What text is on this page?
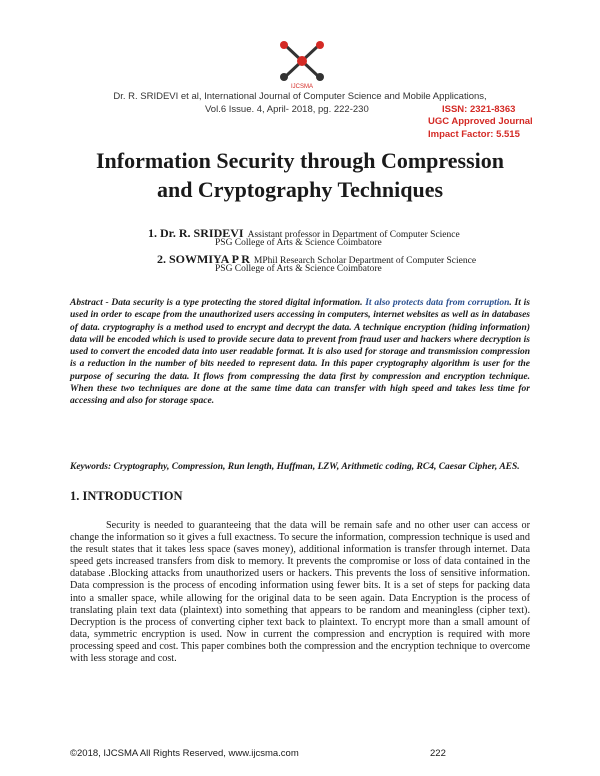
IJCSMA
Dr. R. SRIDEVI et al, International Journal of Computer Science and Mobile Applications,
Vol.6 Issue. 4, April- 2018, pg. 222-230	ISSN: 2321-8363
UGC Approved Journal
Impact Factor: 5.515
Information Security through Compression
and Cryptography Techniques
1. Dr. R. SRIDEVI Assistant professor in Department of Computer Science
PSG College of Arts & Science Coimbatore
2. SOWMIYA P R MPhil Research Scholar Department of Computer Science
PSG College of Arts & Science Coimbatore
Abstract - Data security is a type protecting the stored digital information. It also protects data from corruption. It is used in order to escape from the unauthorized users accessing in computers, internet websites as well as in databases of data. cryptography is a method used to encrypt and decrypt the data. A technique encryption (hiding information) data will be encoded which is used to provide secure data to prevent from fraud user and hackers where decryption is used to convert the encoded data into user readable format. It is also used for storage and transmission compression is a reduction in the number of bits needed to represent data. In this paper cryptography algorithm is user for the purpose of securing the data. It flows from compressing the data first by compression and encryption technique. When these two techniques are done at the same time data can transfer with high speed and takes less time for accessing and also for storage space.
Keywords: Cryptography, Compression, Run length, Huffman, LZW, Arithmetic coding, RC4, Caesar Cipher, AES.
1. INTRODUCTION
Security is needed to guaranteeing that the data will be remain safe and no other user can access or change the information so it gives a full exactness. To secure the information, compression technique is used and the result states that it takes less space (saves money), additional information is transfer through internet. Data speed gets increased transfers from disk to memory. It prevents the compromise or loss of data contained in the database .Blocking attacks from unauthorized users or hackers. This prevents the loss of sensitive information. Data compression is the process of encoding information using fewer bits. It is a set of steps for packing data into a smaller space, while allowing for the original data to be seen again. Data Encryption is the process of translating plain text data (plaintext) into something that appears to be random and meaningless (cipher text). Decryption is the process of converting cipher text back to plaintext. To encrypt more than a small amount of data, symmetric encryption is used. Now in current the compression and encryption is required with more processing speed and cost. This paper combines both the compression and the encryption technique to overcome with less storage and cost.
©2018, IJCSMA All Rights Reserved, www.ijcsma.com	222
